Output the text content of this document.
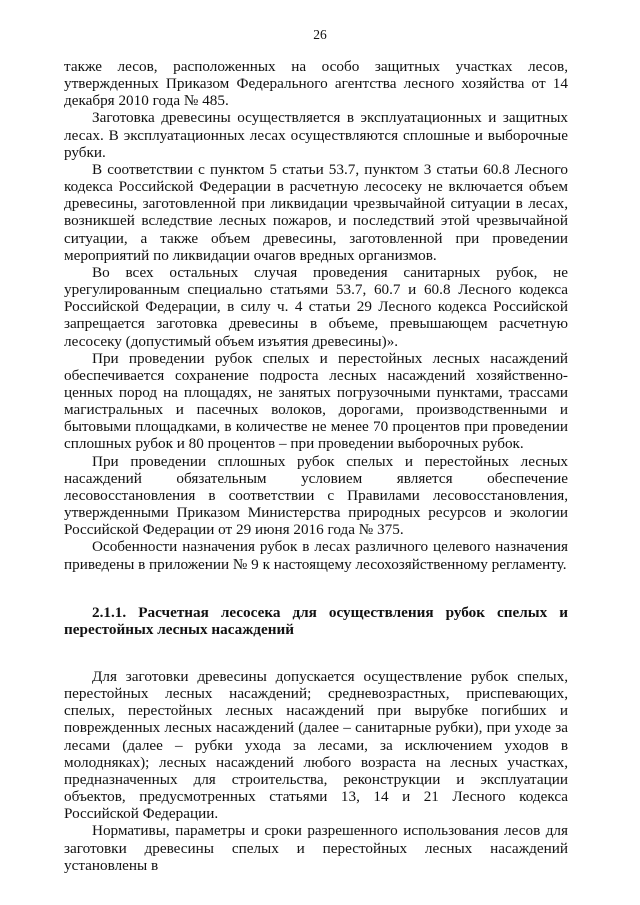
26

также лесов, расположенных на особо защитных участках лесов, утвержденных Приказом Федерального агентства лесного хозяйства от 14 декабря 2010 года № 485.

Заготовка древесины осуществляется в эксплуатационных и защитных лесах. В эксплуатационных лесах осуществляются сплошные и выборочные рубки.

В соответствии с пунктом 5 статьи 53.7, пунктом 3 статьи 60.8 Лесного кодекса Российской Федерации в расчетную лесосеку не включается объем древесины, заготовленной при ликвидации чрезвычайной ситуации в лесах, возникшей вследствие лесных пожаров, и последствий этой чрезвычайной ситуации, а также объем древесины, заготовленной при проведении мероприятий по ликвидации очагов вредных организмов.

Во всех остальных случая проведения санитарных рубок, не урегулированным специально статьями 53.7, 60.7 и 60.8 Лесного кодекса Российской Федерации, в силу ч. 4 статьи 29 Лесного кодекса Российской запрещается заготовка древесины в объеме, превышающем расчетную лесосеку (допустимый объем изъятия древесины)».

При проведении рубок спелых и перестойных лесных насаждений обеспечивается сохранение подроста лесных насаждений хозяйственно-ценных пород на площадях, не занятых погрузочными пунктами, трассами магистральных и пасечных волоков, дорогами, производственными и бытовыми площадками, в количестве не менее 70 процентов при проведении сплошных рубок и 80 процентов – при проведении выборочных рубок.

При проведении сплошных рубок спелых и перестойных лесных насаждений обязательным условием является обеспечение лесовосстановления в соответствии с Правилами лесовосстановления, утвержденными Приказом Министерства природных ресурсов и экологии Российской Федерации от 29 июня 2016 года № 375.

Особенности назначения рубок в лесах различного целевого назначения приведены в приложении № 9 к настоящему лесохозяйственному регламенту.

2.1.1. Расчетная лесосека для осуществления рубок спелых и перестойных лесных насаждений

Для заготовки древесины допускается осуществление рубок спелых, перестойных лесных насаждений; средневозрастных, приспевающих, спелых, перестойных лесных насаждений при вырубке погибших и поврежденных лесных насаждений (далее – санитарные рубки), при уходе за лесами (далее – рубки ухода за лесами, за исключением уходов в молодняках); лесных насаждений любого возраста на лесных участках, предназначенных для строительства, реконструкции и эксплуатации объектов, предусмотренных статьями 13, 14 и 21 Лесного кодекса Российской Федерации.

Нормативы, параметры и сроки разрешенного использования лесов для заготовки древесины спелых и перестойных лесных насаждений установлены в
